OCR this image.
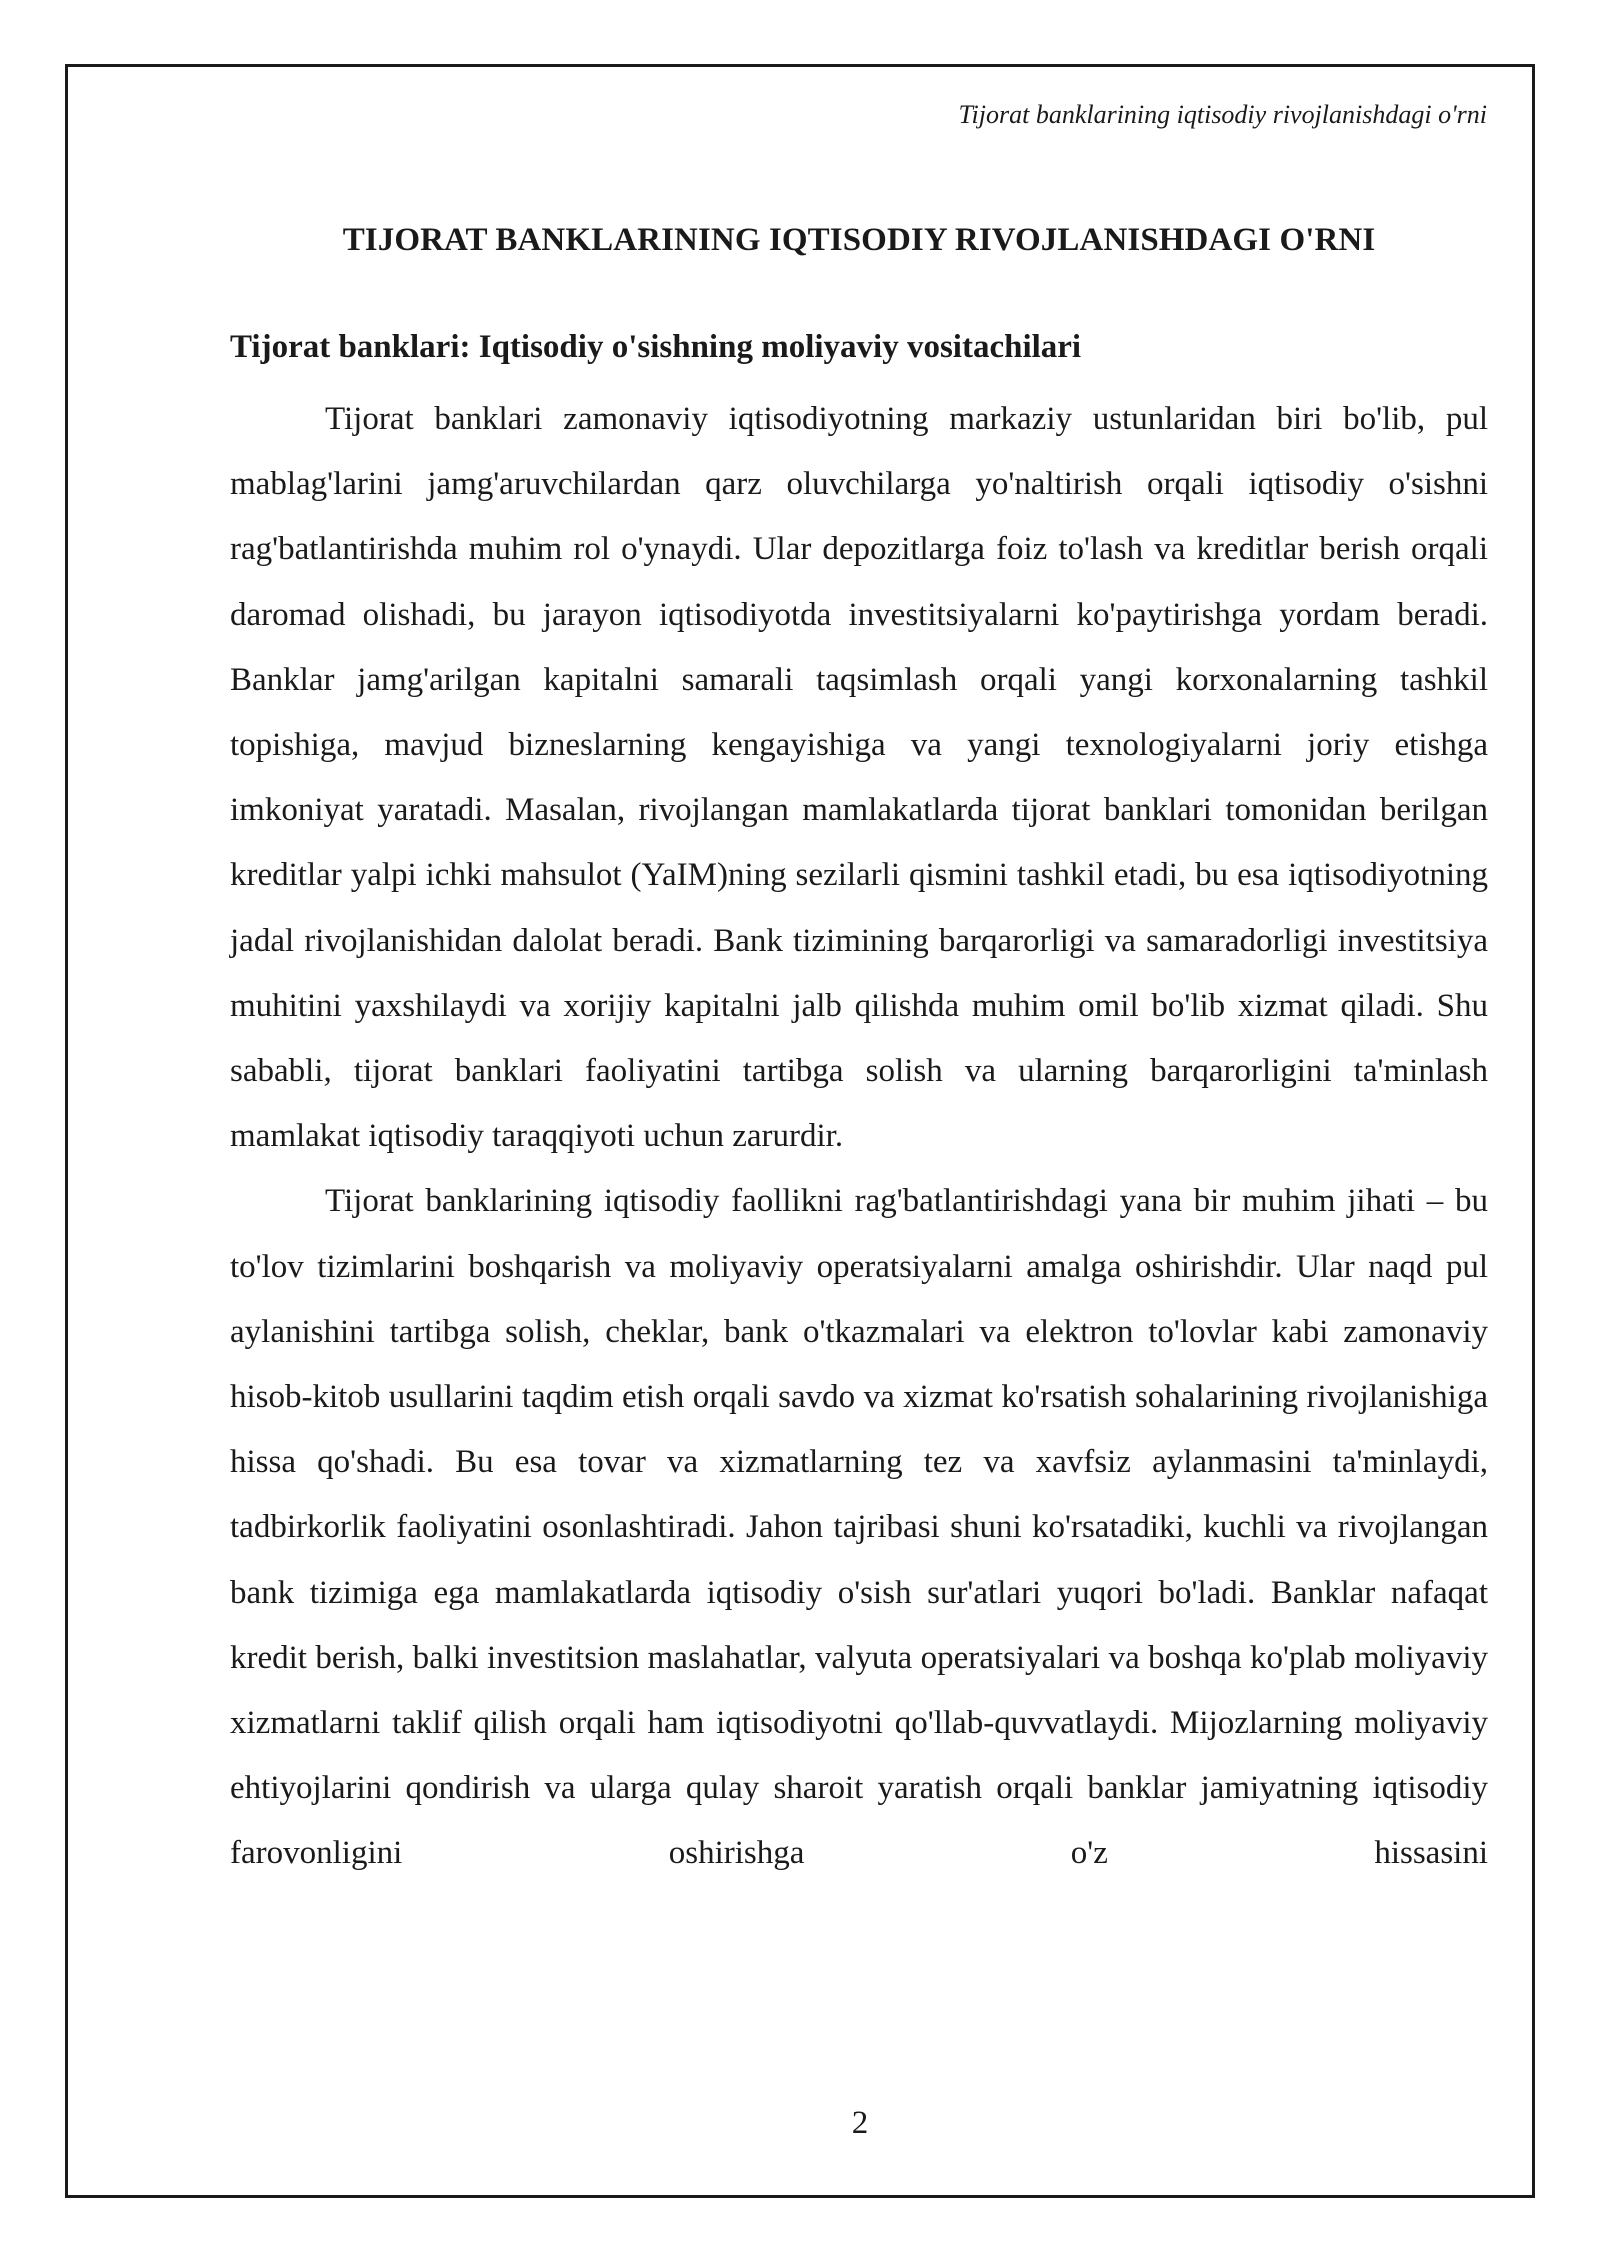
Tijorat banklarining iqtisodiy rivojlanishdagi o'rni
TIJORAT BANKLARINING IQTISODIY RIVOJLANISHDAGI O'RNI
Tijorat banklari: Iqtisodiy o'sishning moliyaviy vositachilari

Tijorat banklari zamonaviy iqtisodiyotning markaziy ustunlaridan biri bo'lib, pul mablag'larini jamg'aruvchilardan qarz oluvchilarga yo'naltirish orqali iqtisodiy o'sishni rag'batlantirishda muhim rol o'ynaydi. Ular depozitlarga foiz to'lash va kreditlar berish orqali daromad olishadi, bu jarayon iqtisodiyotda investitsiyalarni ko'paytirishga yordam beradi. Banklar jamg'arilgan kapitalni samarali taqsimlash orqali yangi korxonalarning tashkil topishiga, mavjud bizneslarning kengayishiga va yangi texnologiyalarni joriy etishga imkoniyat yaratadi. Masalan, rivojlangan mamlakatlarda tijorat banklari tomonidan berilgan kreditlar yalpi ichki mahsulot (YaIM)ning sezilarli qismini tashkil etadi, bu esa iqtisodiyotning jadal rivojlanishidan dalolat beradi. Bank tizimining barqarorligi va samaradorligi investitsiya muhitini yaxshilaydi va xorijiy kapitalni jalb qilishda muhim omil bo'lib xizmat qiladi. Shu sababli, tijorat banklari faoliyatini tartibga solish va ularning barqarorligini ta'minlash mamlakat iqtisodiy taraqqiyoti uchun zarurdir.

Tijorat banklarining iqtisodiy faollikni rag'batlantirishdagi yana bir muhim jihati – bu to'lov tizimlarini boshqarish va moliyaviy operatsiyalarni amalga oshirishdir. Ular naqd pul aylanishini tartibga solish, cheklar, bank o'tkazmalari va elektron to'lovlar kabi zamonaviy hisob-kitob usullarini taqdim etish orqali savdo va xizmat ko'rsatish sohalarining rivojlanishiga hissa qo'shadi. Bu esa tovar va xizmatlarning tez va xavfsiz aylanmasini ta'minlaydi, tadbirkorlik faoliyatini osonlashtiradi. Jahon tajribasi shuni ko'rsatadiki, kuchli va rivojlangan bank tizimiga ega mamlakatlarda iqtisodiy o'sish sur'atlari yuqori bo'ladi. Banklar nafaqat kredit berish, balki investitsion maslahatlar, valyuta operatsiyalari va boshqa ko'plab moliyaviy xizmatlarni taklif qilish orqali ham iqtisodiyotni qo'llab-quvvatlaydi. Mijozlarning moliyaviy ehtiyojlarini qondirish va ularga qulay sharoit yaratish orqali banklar jamiyatning iqtisodiy farovonligini oshirishga o'z hissasini

2
